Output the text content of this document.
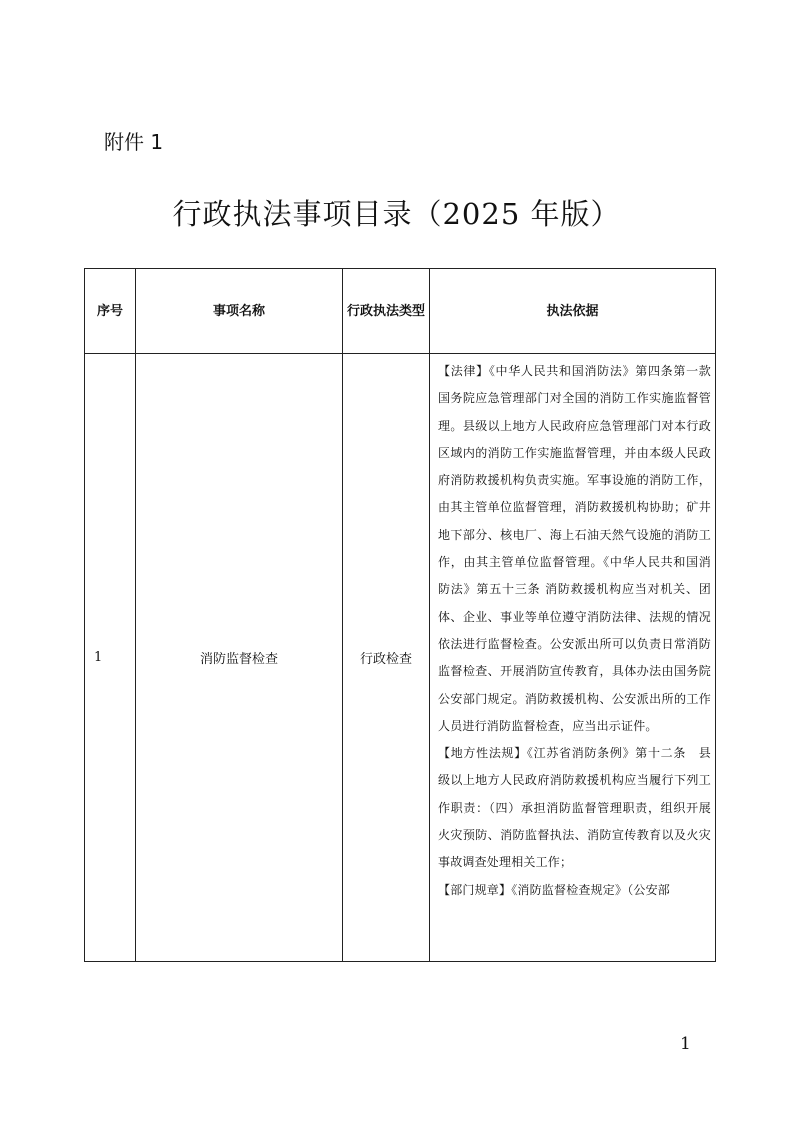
附件 1
行政执法事项目录（2025 年版）
序号	事项名称	行政执法类型	执法依据
1	消防监督检查	行政检查	【法律】《中华人民共和国消防法》第四条第一款　国务院应急管理部门对全国的消防工作实施监督管理。县级以上地方人民政府应急管理部门对本行政区域内的消防工作实施监督管理，并由本级人民政府消防救援机构负责实施。军事设施的消防工作，由其主管单位监督管理，消防救援机构协助；矿井地下部分、核电厂、海上石油天然气设施的消防工作，由其主管单位监督管理。《中华人民共和国消防法》第五十三条 消防救援机构应当对机关、团体、企业、事业等单位遵守消防法律、法规的情况依法进行监督检查。公安派出所可以负责日常消防监督检查、开展消防宣传教育，具体办法由国务院公安部门规定。消防救援机构、公安派出所的工作人员进行消防监督检查，应当出示证件。

【地方性法规】《江苏省消防条例》第十二条　县级以上地方人民政府消防救援机构应当履行下列工作职责：（四）承担消防监督管理职责，组织开展火灾预防、消防监督执法、消防宣传教育以及火灾事故调查处理相关工作；

【部门规章】《消防监督检查规定》（公安部

1
